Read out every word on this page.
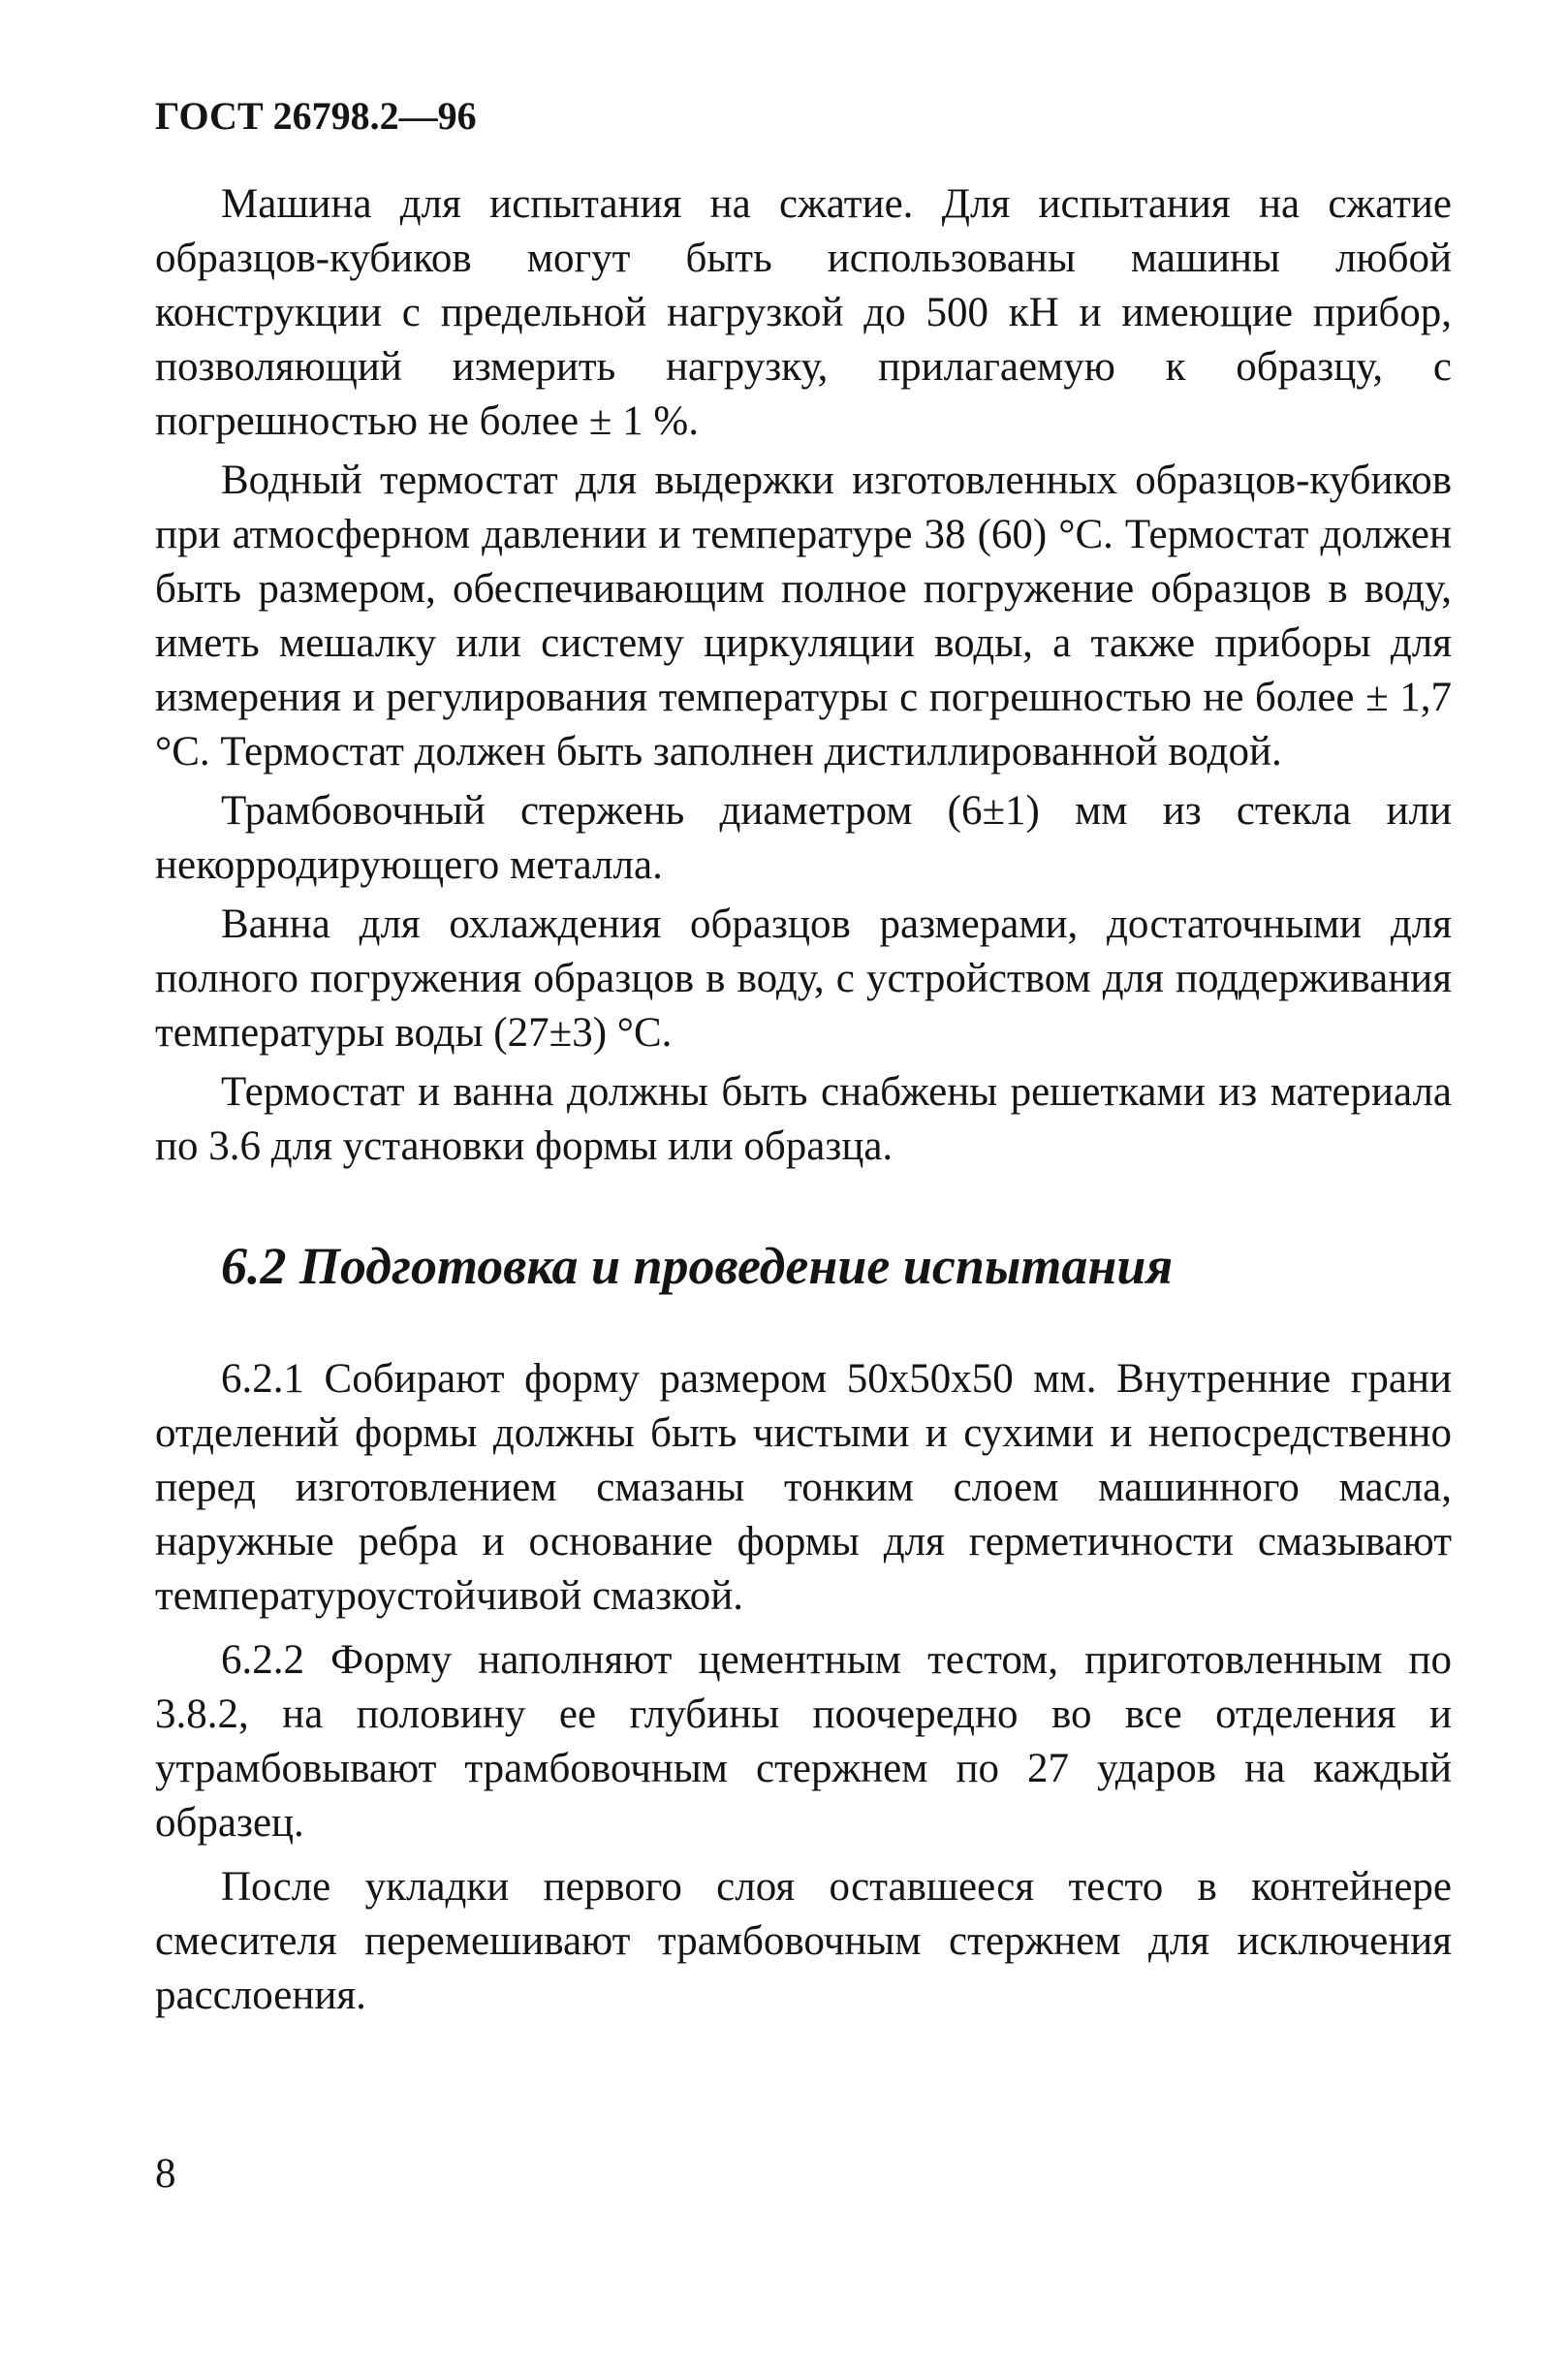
ГОСТ 26798.2—96

Машина для испытания на сжатие. Для испытания на сжатие образцов-кубиков могут быть использованы машины любой конструкции с предельной нагрузкой до 500 кН и имеющие прибор, позволяющий измерить нагрузку, прилагаемую к образцу, с погрешностью не более ± 1 %.

Водный термостат для выдержки изготовленных образцов-кубиков при атмосферном давлении и температуре 38 (60) °С. Термостат должен быть размером, обеспечивающим полное погружение образцов в воду, иметь мешалку или систему циркуляции воды, а также приборы для измерения и регулирования температуры с погрешностью не более ± 1,7 °С. Термостат должен быть заполнен дистиллированной водой.

Трамбовочный стержень диаметром (6±1) мм из стекла или некорродирующего металла.

Ванна для охлаждения образцов размерами, достаточными для полного погружения образцов в воду, с устройством для поддерживания температуры воды (27±3) °С.

Термостат и ванна должны быть снабжены решетками из материала по 3.6 для установки формы или образца.

6.2 Подготовка и проведение испытания

6.2.1 Собирают форму размером 50х50х50 мм. Внутренние грани отделений формы должны быть чистыми и сухими и непосредственно перед изготовлением смазаны тонким слоем машинного масла, наружные ребра и основание формы для герметичности смазывают температуроустойчивой смазкой.

6.2.2 Форму наполняют цементным тестом, приготовленным по 3.8.2, на половину ее глубины поочередно во все отделения и утрамбовывают трамбовочным стержнем по 27 ударов на каждый образец.

После укладки первого слоя оставшееся тесто в контейнере смесителя перемешивают трамбовочным стержнем для исключения расслоения.

8
